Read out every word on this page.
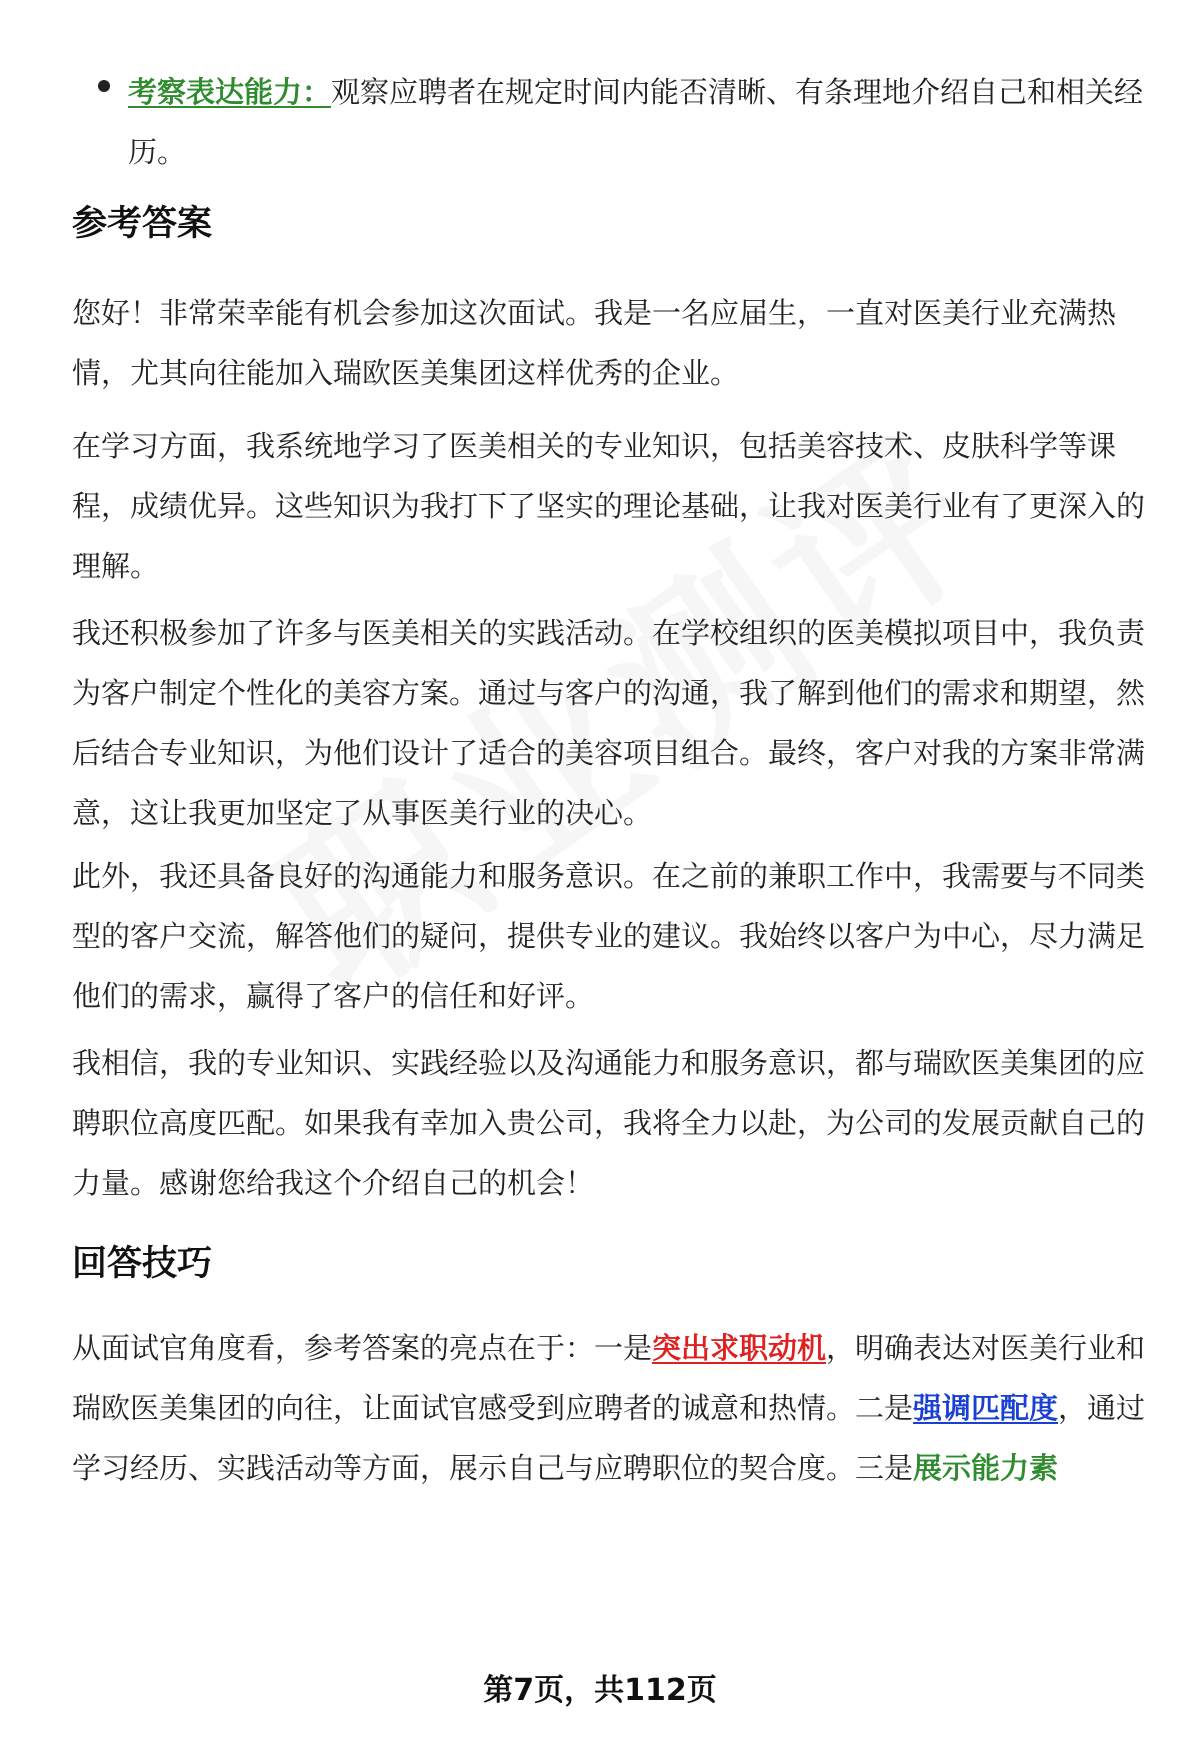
考察表达能力：观察应聘者在规定时间内能否清晰、有条理地介绍自己和相关经历。

参考答案

您好！非常荣幸能有机会参加这次面试。我是一名应届生，一直对医美行业充满热情，尤其向往能加入瑞欧医美集团这样优秀的企业。

在学习方面，我系统地学习了医美相关的专业知识，包括美容技术、皮肤科学等课程，成绩优异。这些知识为我打下了坚实的理论基础，让我对医美行业有了更深入的理解。

我还积极参加了许多与医美相关的实践活动。在学校组织的医美模拟项目中，我负责为客户制定个性化的美容方案。通过与客户的沟通，我了解到他们的需求和期望，然后结合专业知识，为他们设计了适合的美容项目组合。最终，客户对我的方案非常满意，这让我更加坚定了从事医美行业的决心。

此外，我还具备良好的沟通能力和服务意识。在之前的兼职工作中，我需要与不同类型的客户交流，解答他们的疑问，提供专业的建议。我始终以客户为中心，尽力满足他们的需求，赢得了客户的信任和好评。

我相信，我的专业知识、实践经验以及沟通能力和服务意识，都与瑞欧医美集团的应聘职位高度匹配。如果我有幸加入贵公司，我将全力以赴，为公司的发展贡献自己的力量。感谢您给我这个介绍自己的机会！

回答技巧

从面试官角度看，参考答案的亮点在于：一是突出求职动机，明确表达对医美行业和瑞欧医美集团的向往，让面试官感受到应聘者的诚意和热情。二是强调匹配度，通过学习经历、实践活动等方面，展示自己与应聘职位的契合度。三是展示能力素

第7页，共112页
